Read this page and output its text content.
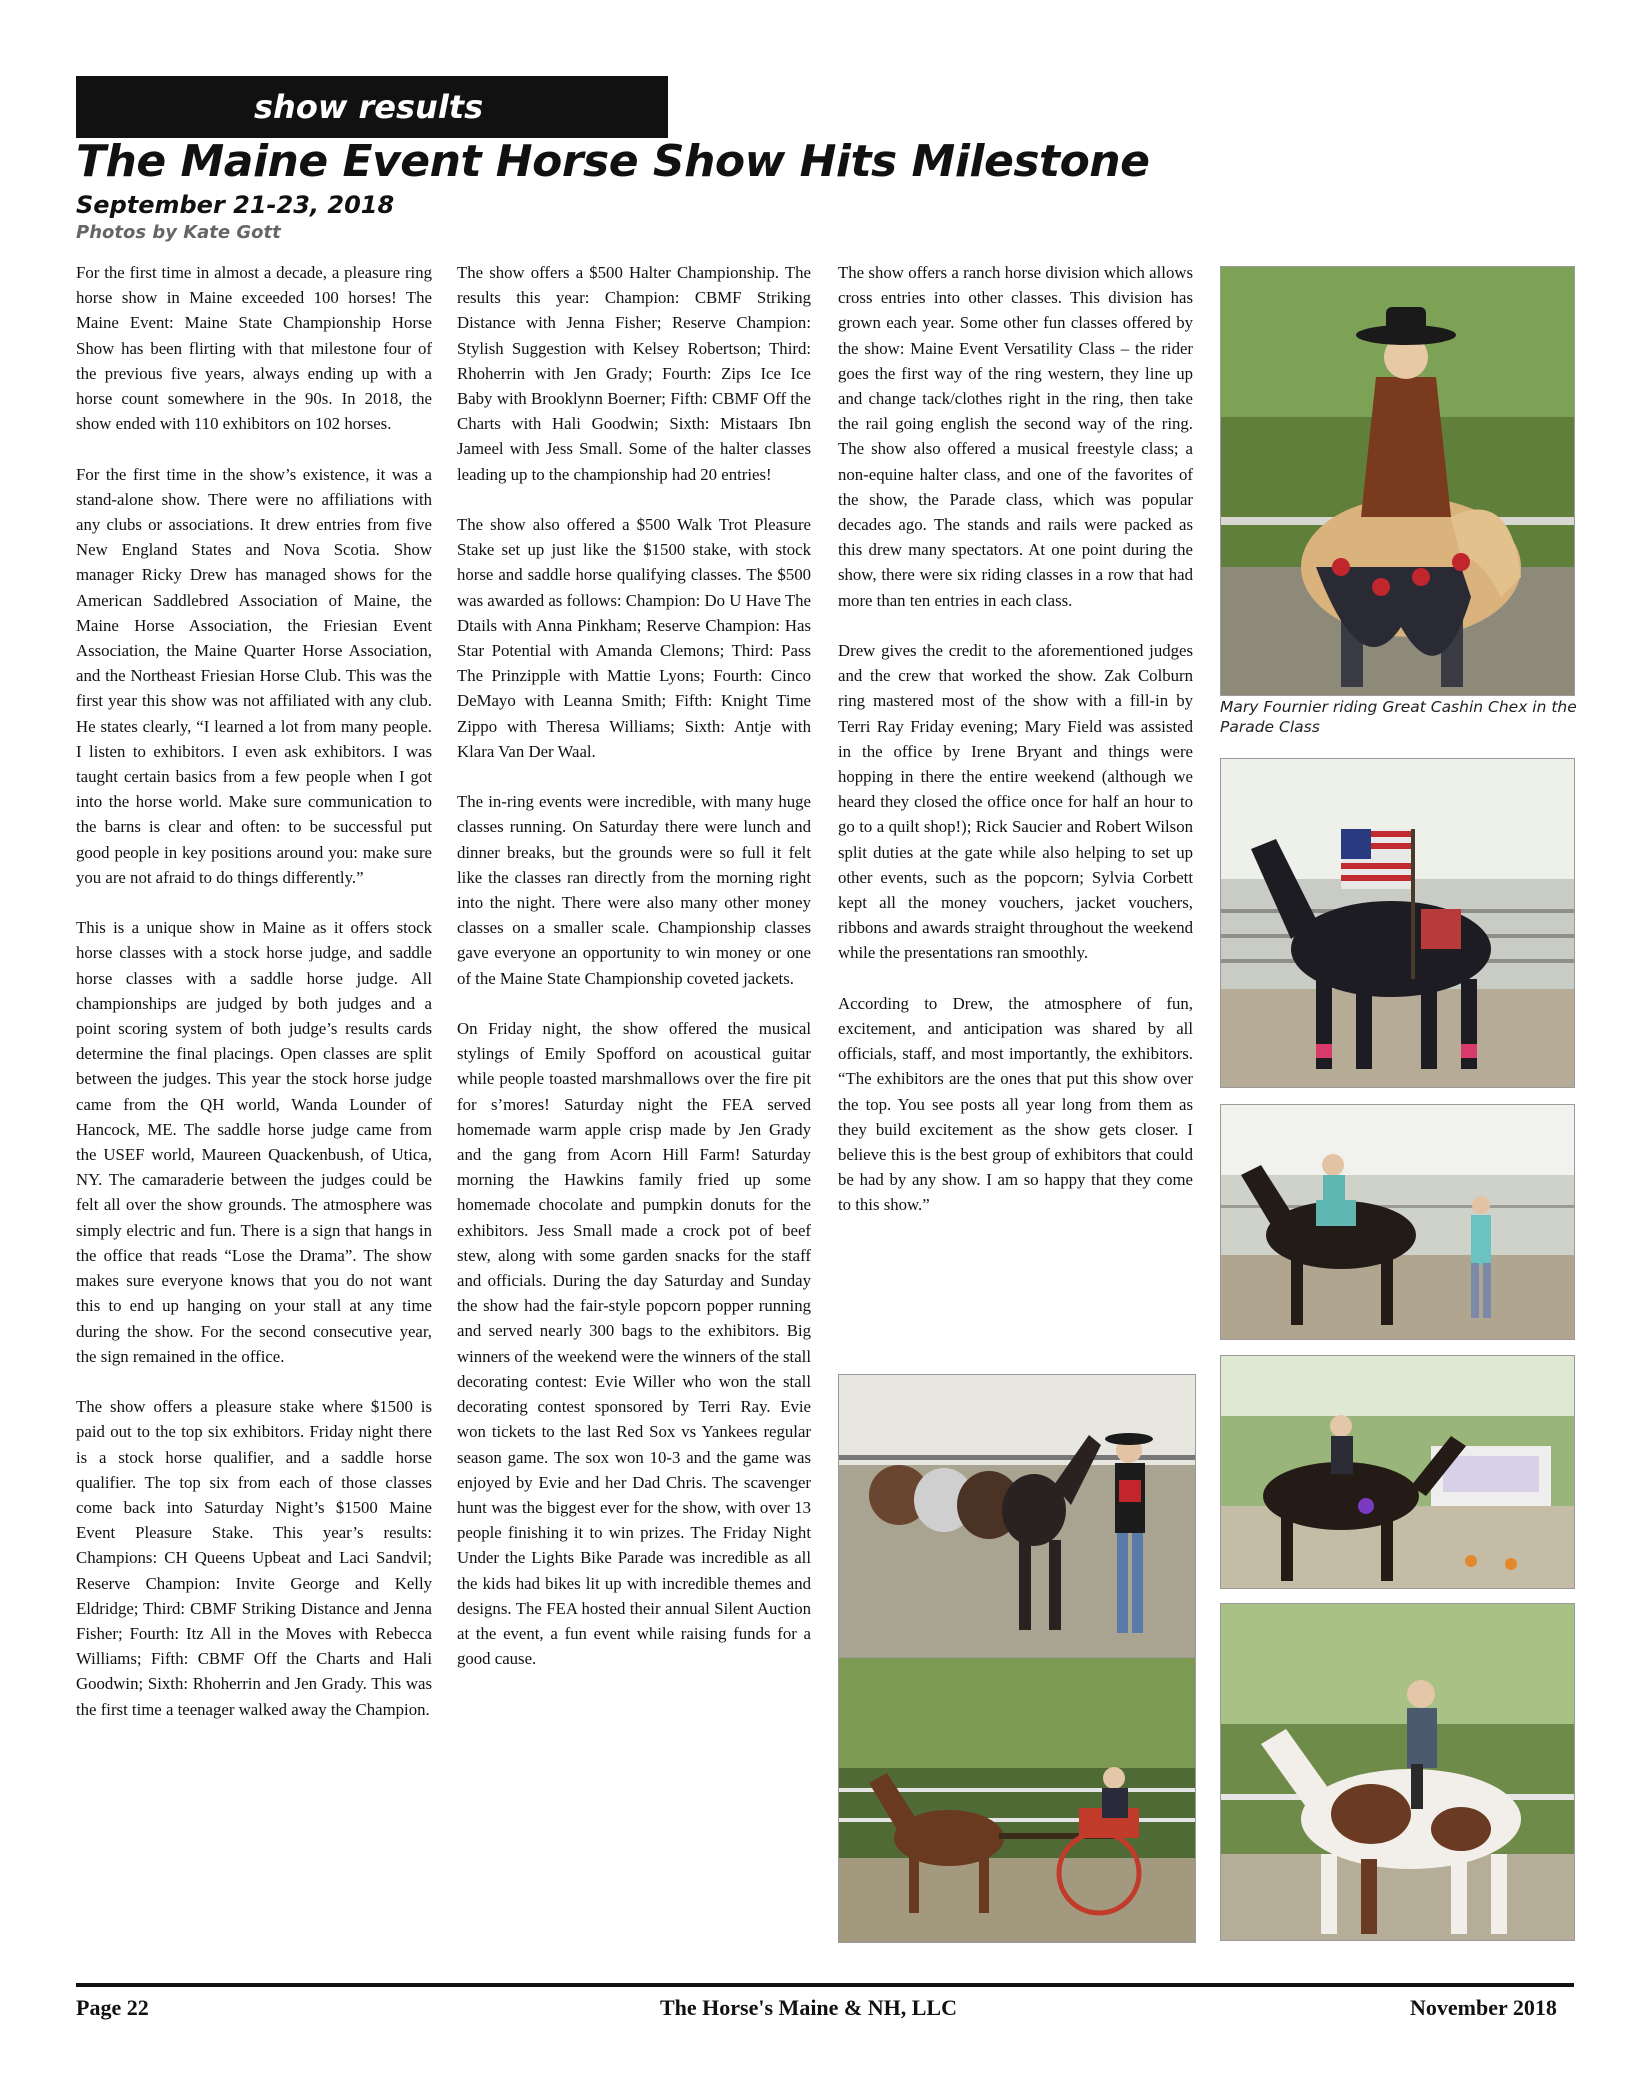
show results
The Maine Event Horse Show Hits Milestone
September 21-23, 2018
Photos by Kate Gott

For the first time in almost a decade, a pleasure ring horse show in Maine exceeded 100 horses! The Maine Event: Maine State Championship Horse Show has been flirting with that milestone four of the previous five years, always ending up with a horse count somewhere in the 90s. In 2018, the show ended with 110 exhibitors on 102 horses.

For the first time in the show’s existence, it was a stand-alone show. There were no affiliations with any clubs or associations. It drew entries from five New England States and Nova Scotia. Show manager Ricky Drew has managed shows for the American Saddlebred Association of Maine, the Maine Horse Association, the Friesian Event Association, the Maine Quarter Horse Association, and the Northeast Friesian Horse Club. This was the first year this show was not affiliated with any club. He states clearly, “I learned a lot from many people. I listen to exhibitors. I even ask exhibitors. I was taught certain basics from a few people when I got into the horse world. Make sure communication to the barns is clear and often: to be successful put good people in key positions around you: make sure you are not afraid to do things differently.”

This is a unique show in Maine as it offers stock horse classes with a stock horse judge, and saddle horse classes with a saddle horse judge. All championships are judged by both judges and a point scoring system of both judge’s results cards determine the final placings. Open classes are split between the judges. This year the stock horse judge came from the QH world, Wanda Lounder of Hancock, ME. The saddle horse judge came from the USEF world, Maureen Quackenbush, of Utica, NY. The camaraderie between the judges could be felt all over the show grounds. The atmosphere was simply electric and fun. There is a sign that hangs in the office that reads “Lose the Drama”. The show makes sure everyone knows that you do not want this to end up hanging on your stall at any time during the show. For the second consecutive year, the sign remained in the office.

The show offers a pleasure stake where $1500 is paid out to the top six exhibitors. Friday night there is a stock horse qualifier, and a saddle horse qualifier. The top six from each of those classes come back into Saturday Night’s $1500 Maine Event Pleasure Stake. This year’s results: Champions: CH Queens Upbeat and Laci Sandvil; Reserve Champion: Invite George and Kelly Eldridge; Third: CBMF Striking Distance and Jenna Fisher; Fourth: Itz All in the Moves with Rebecca Williams; Fifth: CBMF Off the Charts and Hali Goodwin; Sixth: Rhoherrin and Jen Grady. This was the first time a teenager walked away the Champion.

The show offers a $500 Halter Championship. The results this year: Champion: CBMF Striking Distance with Jenna Fisher; Reserve Champion: Stylish Suggestion with Kelsey Robertson; Third: Rhoherrin with Jen Grady; Fourth: Zips Ice Ice Baby with Brooklynn Boerner; Fifth: CBMF Off the Charts with Hali Goodwin; Sixth: Mistaars Ibn Jameel with Jess Small. Some of the halter classes leading up to the championship had 20 entries!

The show also offered a $500 Walk Trot Pleasure Stake set up just like the $1500 stake, with stock horse and saddle horse qualifying classes. The $500 was awarded as follows: Champion: Do U Have The Dtails with Anna Pinkham; Reserve Champion: Has Star Potential with Amanda Clemons; Third: Pass The Prinzipple with Mattie Lyons; Fourth: Cinco DeMayo with Leanna Smith; Fifth: Knight Time Zippo with Theresa Williams; Sixth: Antje with Klara Van Der Waal.

The in-ring events were incredible, with many huge classes running. On Saturday there were lunch and dinner breaks, but the grounds were so full it felt like the classes ran directly from the morning right into the night. There were also many other money classes on a smaller scale. Championship classes gave everyone an opportunity to win money or one of the Maine State Championship coveted jackets.

On Friday night, the show offered the musical stylings of Emily Spofford on acoustical guitar while people toasted marshmallows over the fire pit for s’mores! Saturday night the FEA served homemade warm apple crisp made by Jen Grady and the gang from Acorn Hill Farm! Saturday morning the Hawkins family fried up some homemade chocolate and pumpkin donuts for the exhibitors. Jess Small made a crock pot of beef stew, along with some garden snacks for the staff and officials. During the day Saturday and Sunday the show had the fair-style popcorn popper running and served nearly 300 bags to the exhibitors. Big winners of the weekend were the winners of the stall decorating contest: Evie Willer who won the stall decorating contest sponsored by Terri Ray. Evie won tickets to the last Red Sox vs Yankees regular season game. The sox won 10-3 and the game was enjoyed by Evie and her Dad Chris. The scavenger hunt was the biggest ever for the show, with over 13 people finishing it to win prizes. The Friday Night Under the Lights Bike Parade was incredible as all the kids had bikes lit up with incredible themes and designs. The FEA hosted their annual Silent Auction at the event, a fun event while raising funds for a good cause.

The show offers a ranch horse division which allows cross entries into other classes. This division has grown each year. Some other fun classes offered by the show: Maine Event Versatility Class – the rider goes the first way of the ring western, they line up and change tack/clothes right in the ring, then take the rail going english the second way of the ring. The show also offered a musical freestyle class; a non-equine halter class, and one of the favorites of the show, the Parade class, which was popular decades ago. The stands and rails were packed as this drew many spectators. At one point during the show, there were six riding classes in a row that had more than ten entries in each class.

Drew gives the credit to the aforementioned judges and the crew that worked the show. Zak Colburn ring mastered most of the show with a fill-in by Terri Ray Friday evening; Mary Field was assisted in the office by Irene Bryant and things were hopping in there the entire weekend (although we heard they closed the office once for half an hour to go to a quilt shop!); Rick Saucier and Robert Wilson split duties at the gate while also helping to set up other events, such as the popcorn; Sylvia Corbett kept all the money vouchers, jacket vouchers, ribbons and awards straight throughout the weekend while the presentations ran smoothly.

According to Drew, the atmosphere of fun, excitement, and anticipation was shared by all officials, staff, and most importantly, the exhibitors. “The exhibitors are the ones that put this show over the top. You see posts all year long from them as they build excitement as the show gets closer. I believe this is the best group of exhibitors that could be had by any show. I am so happy that they come to this show.”

Mary Fournier riding Great Cashin Chex in the Parade Class
Page 22	The Horse's Maine & NH, LLC	November 2018
